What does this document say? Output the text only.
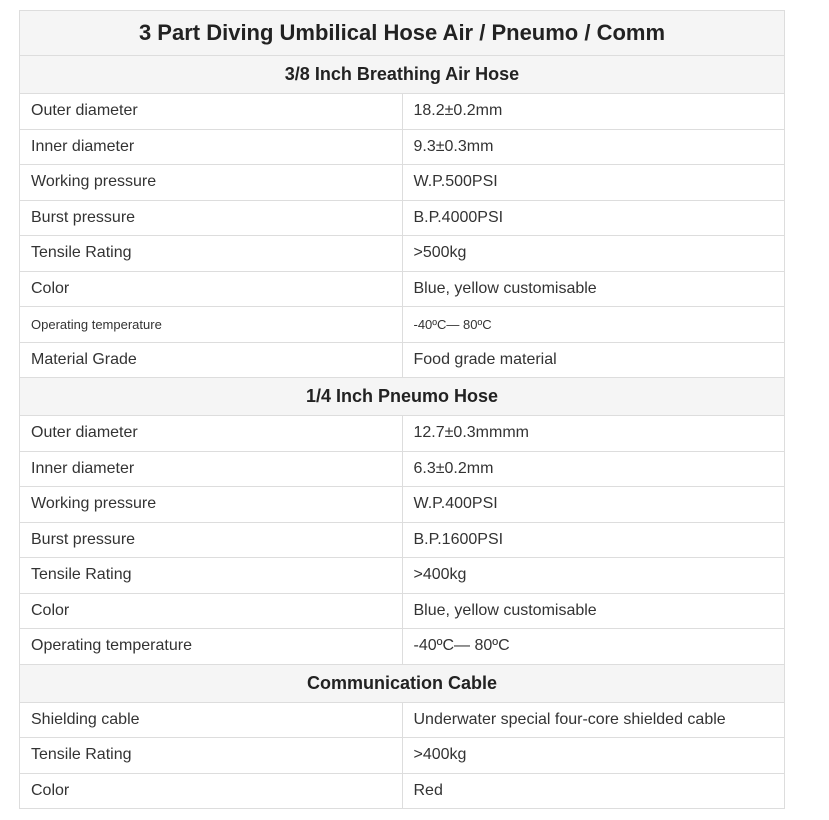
3 Part Diving Umbilical Hose Air / Pneumo / Comm	
3/8 Inch Breathing Air Hose	
Outer diameter	18.2±0.2mm
Inner diameter	9.3±0.3mm
Working pressure	W.P.500PSI
Burst pressure	B.P.4000PSI
Tensile Rating	>500kg
Color	Blue, yellow customisable
Operating temperature	-40ºC— 80ºC
Material Grade	Food grade material
1/4 Inch Pneumo Hose	
Outer diameter	12.7±0.3mmmm
Inner diameter	6.3±0.2mm
Working pressure	W.P.400PSI
Burst pressure	B.P.1600PSI
Tensile Rating	>400kg
Color	Blue, yellow customisable
Operating temperature	-40ºC— 80ºC
Communication Cable	
Shielding cable	Underwater special four-core shielded cable
Tensile Rating	>400kg
Color	Red
